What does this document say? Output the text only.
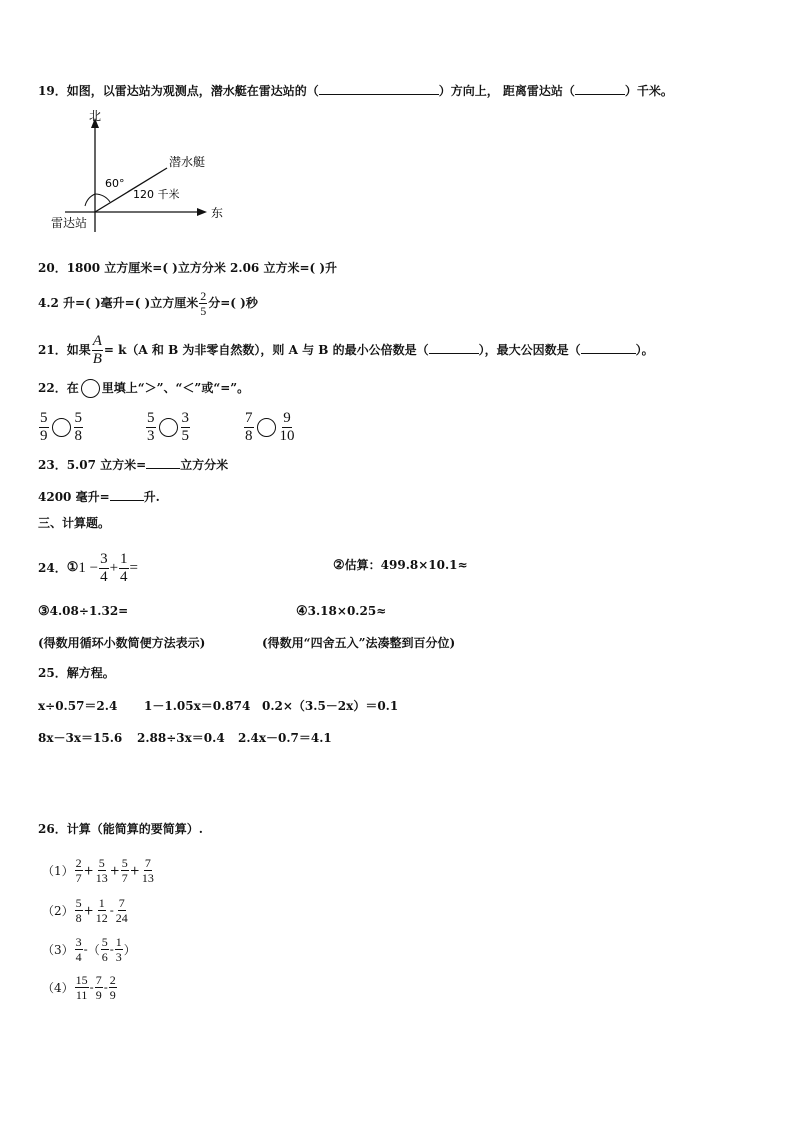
19．如图，以雷达站为观测点，潜水艇在雷达站的（	）方向上， 距离雷达站（	）千米。
北
东
雷达站
潜水艇
60°
120 千米
20．1800 立方厘米=( )立方分米 2.06 立方米=( )升
4.2 升=( )毫升=( )立方厘米 $\frac{2}{5}$ 分=( )秒
21．如果 $\frac{A}{B} = k(A$ 和 B 为非零自然数），则 A 与 B 的最小公倍数是（	），最大公因数是（	）。
22．在 里填上“＞”、“＜”或“=”。
$\frac{5}{9} \frac{5}{8}$	$\frac{5}{3} \frac{3}{5}$	$\frac{7}{8} \frac{9}{10}$
23．5.07 立方米=	立方分米
4200 毫升=	升.
三、计算题。
24．①1 − $\frac{3}{4} + \frac{1}{4}$ =	②估算：499.8×10.1≈
③4.08÷1.32=	④3.18×0.25≈
(得数用循环小数简便方法表示)	(得数用“四舍五入”法凑整到百分位)
25．解方程。
x÷0.57＝2.4 1－1.05x＝0.874 0.2×（3.5－2x）＝0.1
8x－3x＝15.6 2.88÷3x＝0.4 2.4x－0.7＝4.1
26．计算（能简算的要简算）.
$(1) \frac{2}{7} + \frac{5}{13} + \frac{5}{7} + \frac{7}{13}$
$(2) \frac{5}{8} + \frac{1}{12} - \frac{7}{24}$
$(3) \frac{3}{4}$ -（ $\frac{5}{6} - \frac{1}{3}$ ）
$(4) \frac{15}{11} - \frac{7}{9} - \frac{2}{9}$
